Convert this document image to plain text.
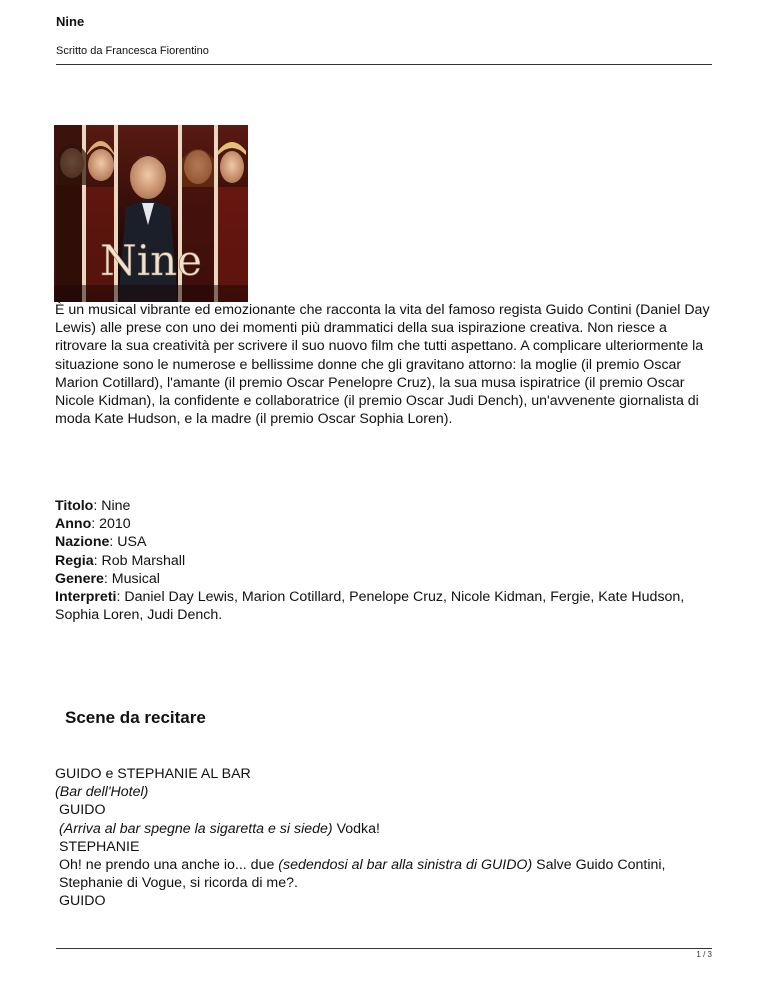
Nine
Scritto da Francesca Fiorentino
Nine

È un musical vibrante ed emozionante che racconta la vita del famoso regista Guido Contini (Daniel Day Lewis) alle prese con uno dei momenti più drammatici della sua ispirazione creativa. Non riesce a ritrovare la sua creatività per scrivere il suo nuovo film che tutti aspettano. A complicare ulteriormente la situazione sono le numerose e bellissime donne che gli gravitano attorno: la moglie (il premio Oscar Marion Cotillard), l'amante (il premio Oscar Penelopre Cruz), la sua musa ispiratrice (il premio Oscar Nicole Kidman), la confidente e collaboratrice (il premio Oscar Judi Dench), un'avvenente giornalista di moda Kate Hudson, e la madre (il premio Oscar Sophia Loren).

Titolo: Nine

Anno: 2010

Nazione: USA

Regia: Rob Marshall

Genere: Musical

Interpreti: Daniel Day Lewis, Marion Cotillard, Penelope Cruz, Nicole Kidman, Fergie, Kate Hudson, Sophia Loren, Judi Dench.

Scene da recitare

GUIDO e STEPHANIE AL BAR

(Bar dell'Hotel)

GUIDO

(Arriva al bar spegne la sigaretta e si siede) Vodka!

STEPHANIE

Oh! ne prendo una anche io... due (sedendosi al bar alla sinistra di GUIDO) Salve Guido Contini, Stephanie di Vogue, si ricorda di me?.

GUIDO

1 / 3
